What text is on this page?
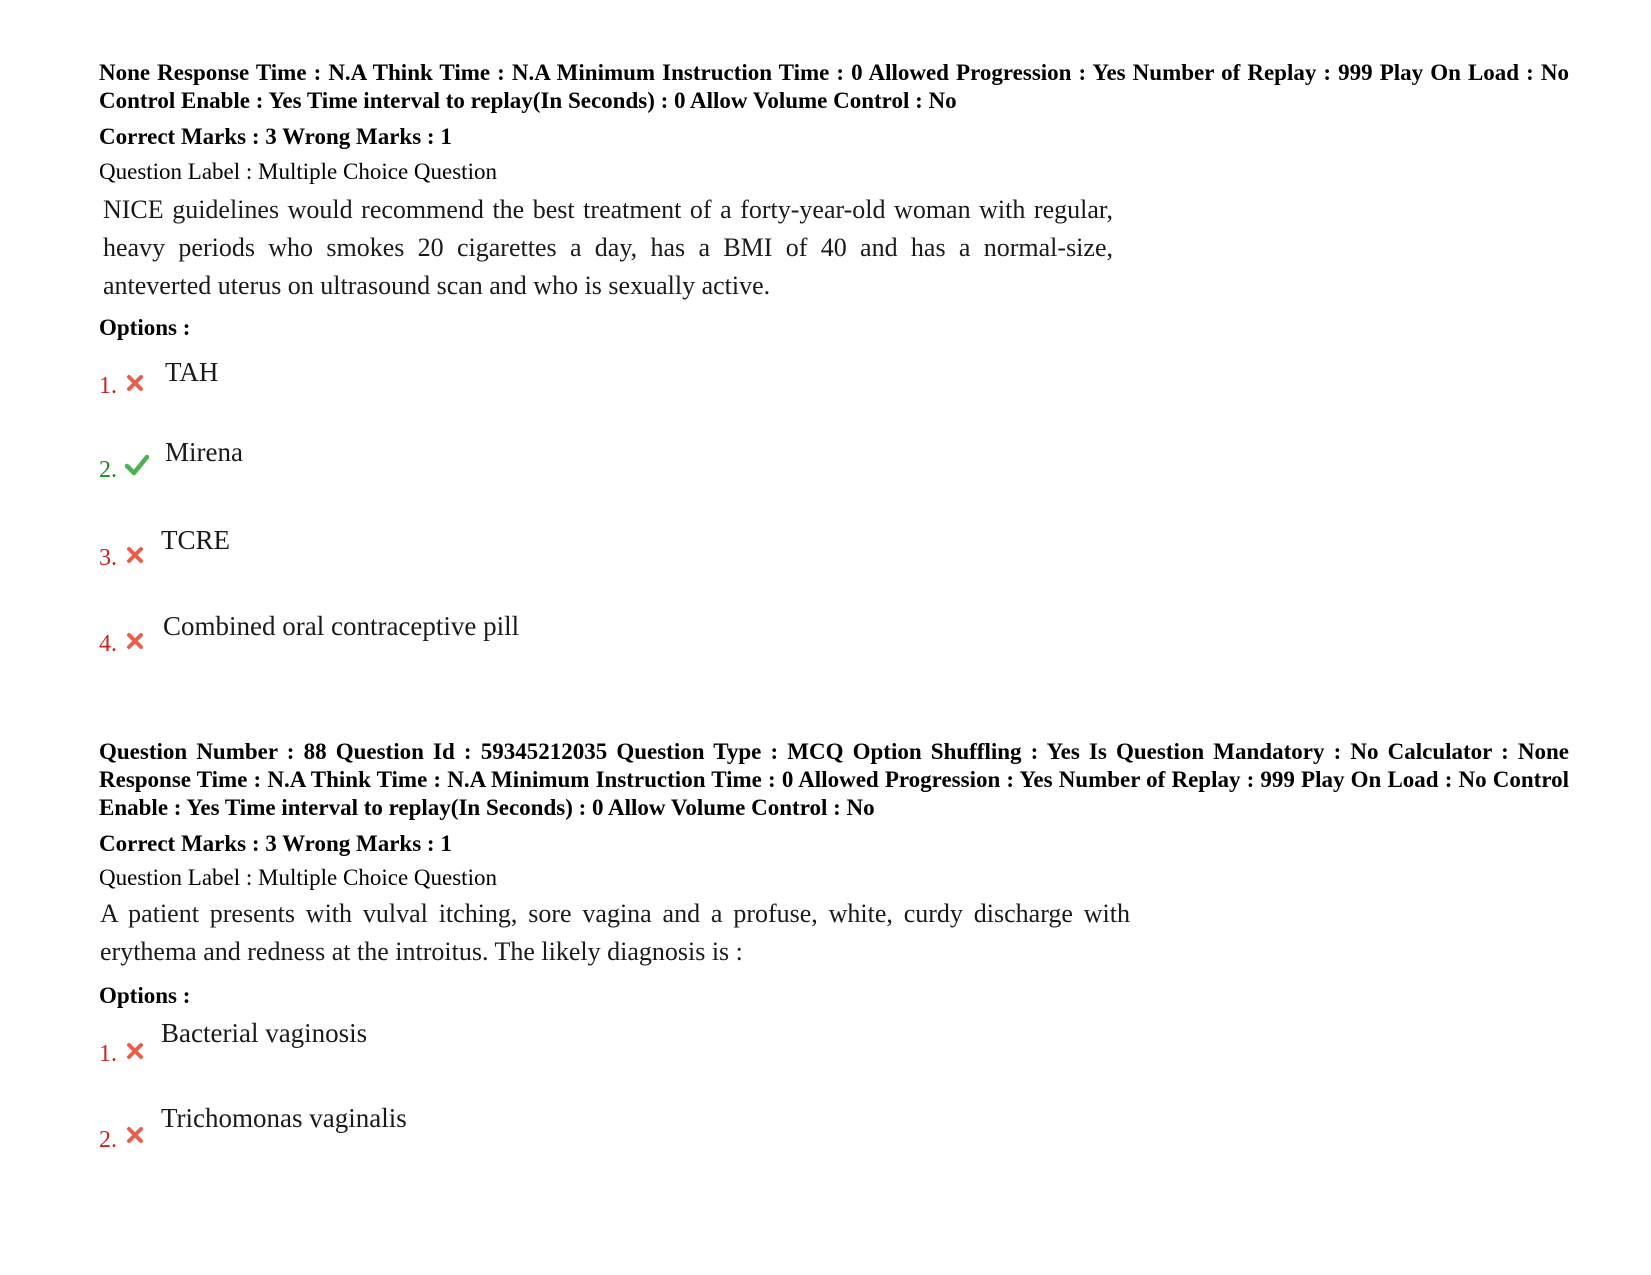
None Response Time : N.A Think Time : N.A Minimum Instruction Time : 0 Allowed Progression : Yes Number of Replay : 999 Play On Load : No Control Enable : Yes Time interval to replay(In Seconds) : 0 Allow Volume Control : No
Correct Marks : 3 Wrong Marks : 1
Question Label : Multiple Choice Question
NICE guidelines would recommend the best treatment of a forty-year-old woman with regular, heavy periods who smokes 20 cigarettes a day, has a BMI of 40 and has a normal-size, anteverted uterus on ultrasound scan and who is sexually active.
Options :
1. TAH
2.
Mirena
3.
TCRE
4.
Combined oral contraceptive pill
Question Number : 88 Question Id : 59345212035 Question Type : MCQ Option Shuffling : Yes Is Question Mandatory : No Calculator : None Response Time : N.A Think Time : N.A Minimum Instruction Time : 0 Allowed Progression : Yes Number of Replay : 999 Play On Load : No Control Enable : Yes Time interval to replay(In Seconds) : 0 Allow Volume Control : No
Correct Marks : 3 Wrong Marks : 1
Question Label : Multiple Choice Question
A patient presents with vulval itching, sore vagina and a profuse, white, curdy discharge with erythema and redness at the introitus. The likely diagnosis is :
Options :
1.
Bacterial vaginosis
2.
Trichomonas vaginalis
